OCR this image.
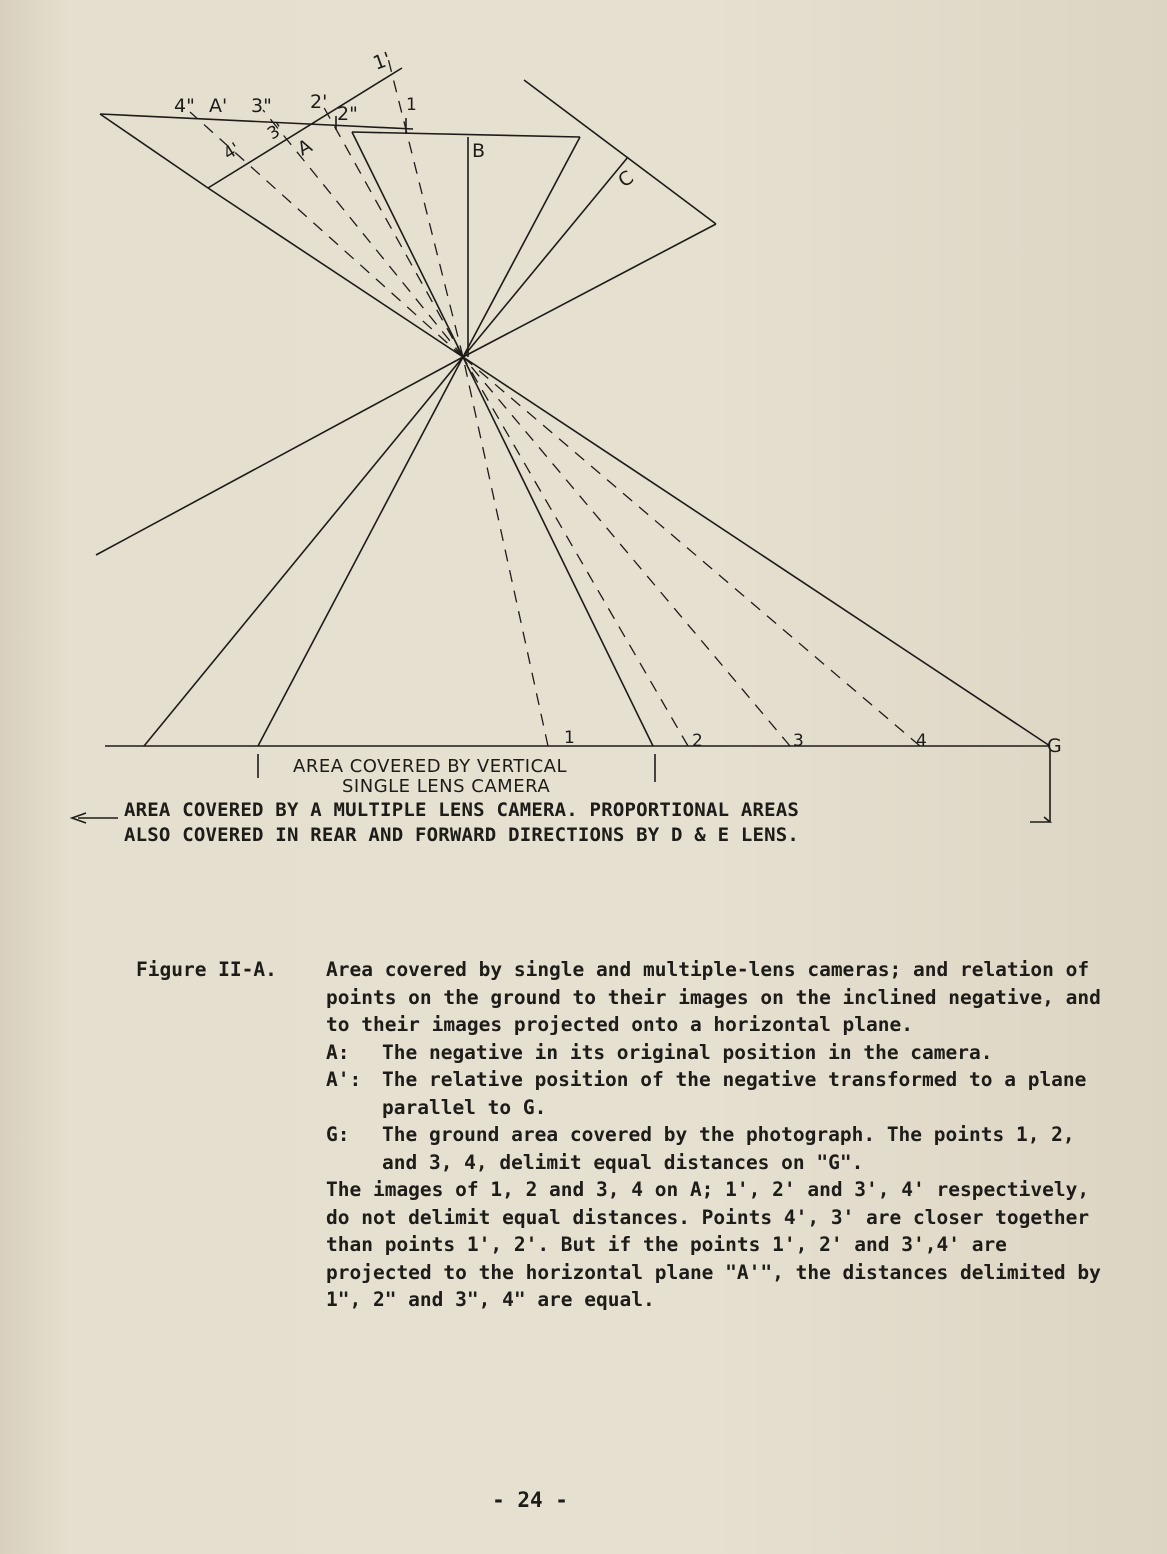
4" A' 3" 2'
2"	1
1'
4'
3'
A	B
C
G
1	2	3	4
AREA COVERED BY VERTICAL
SINGLE LENS CAMERA
AREA COVERED BY A MULTIPLE LENS CAMERA. PROPORTIONAL AREAS
ALSO COVERED IN REAR AND FORWARD DIRECTIONS BY D & E LENS.
Figure II-A.	Area covered by single and multiple-lens cameras; and relation of points on the ground to their images on the inclined negative, and to their images projected onto a horizontal plane.
A:	The negative in its original position in the camera.
A':	The relative position of the negative transformed to a plane parallel to G.
G:	The ground area covered by the photograph. The points 1, 2, and 3, 4, delimit equal distances on "G".
The images of 1, 2 and 3, 4 on A; 1', 2' and 3', 4' respectively, do not delimit equal distances. Points 4', 3' are closer together than points 1', 2'. But if the points 1', 2' and 3',4' are projected to the horizontal plane "A'", the distances delimited by 1", 2" and 3", 4" are equal.
- 24 -
